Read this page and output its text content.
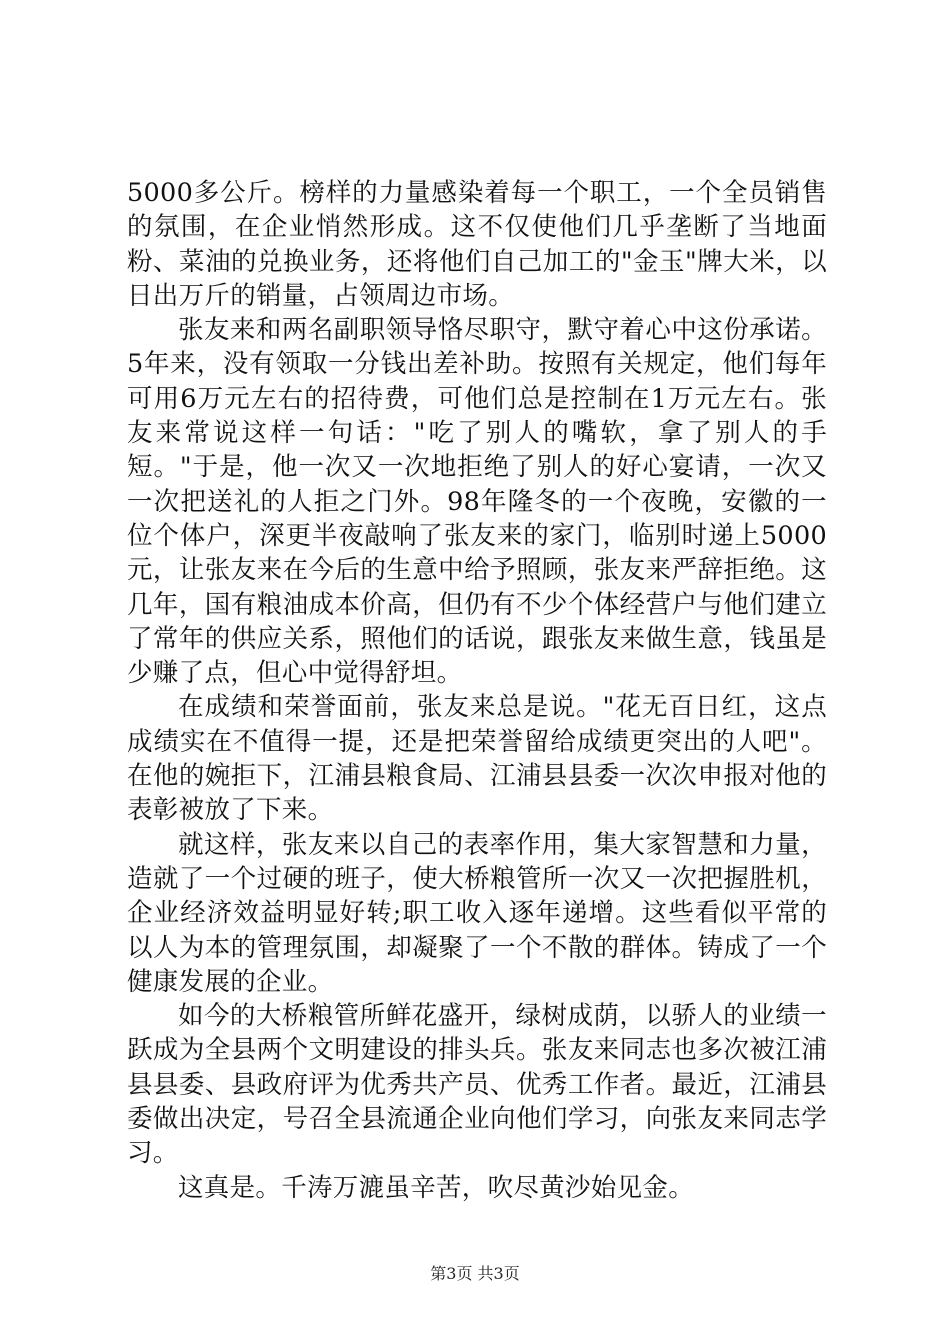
5000多公斤。榜样的力量感染着每一个职工，一个全员销售的氛围，在企业悄然形成。这不仅使他们几乎垄断了当地面粉、菜油的兑换业务，还将他们自己加工的"金玉"牌大米，以日出万斤的销量，占领周边市场。

张友来和两名副职领导恪尽职守，默守着心中这份承诺。5年来，没有领取一分钱出差补助。按照有关规定，他们每年可用6万元左右的招待费，可他们总是控制在1万元左右。张友来常说这样一句话："吃了别人的嘴软，拿了别人的手短。"于是，他一次又一次地拒绝了别人的好心宴请，一次又一次把送礼的人拒之门外。98年隆冬的一个夜晚，安徽的一位个体户，深更半夜敲响了张友来的家门，临别时递上5000元，让张友来在今后的生意中给予照顾，张友来严辞拒绝。这几年，国有粮油成本价高，但仍有不少个体经营户与他们建立了常年的供应关系，照他们的话说，跟张友来做生意，钱虽是少赚了点，但心中觉得舒坦。

在成绩和荣誉面前，张友来总是说。"花无百日红，这点成绩实在不值得一提，还是把荣誉留给成绩更突出的人吧"。在他的婉拒下，江浦县粮食局、江浦县县委一次次申报对他的表彰被放了下来。

就这样，张友来以自己的表率作用，集大家智慧和力量，造就了一个过硬的班子，使大桥粮管所一次又一次把握胜机，企业经济效益明显好转;职工收入逐年递增。这些看似平常的以人为本的管理氛围，却凝聚了一个不散的群体。铸成了一个健康发展的企业。

如今的大桥粮管所鲜花盛开，绿树成荫，以骄人的业绩一跃成为全县两个文明建设的排头兵。张友来同志也多次被江浦县县委、县政府评为优秀共产员、优秀工作者。最近，江浦县委做出决定，号召全县流通企业向他们学习，向张友来同志学习。

这真是。千涛万漉虽辛苦，吹尽黄沙始见金。

第3页 共3页
